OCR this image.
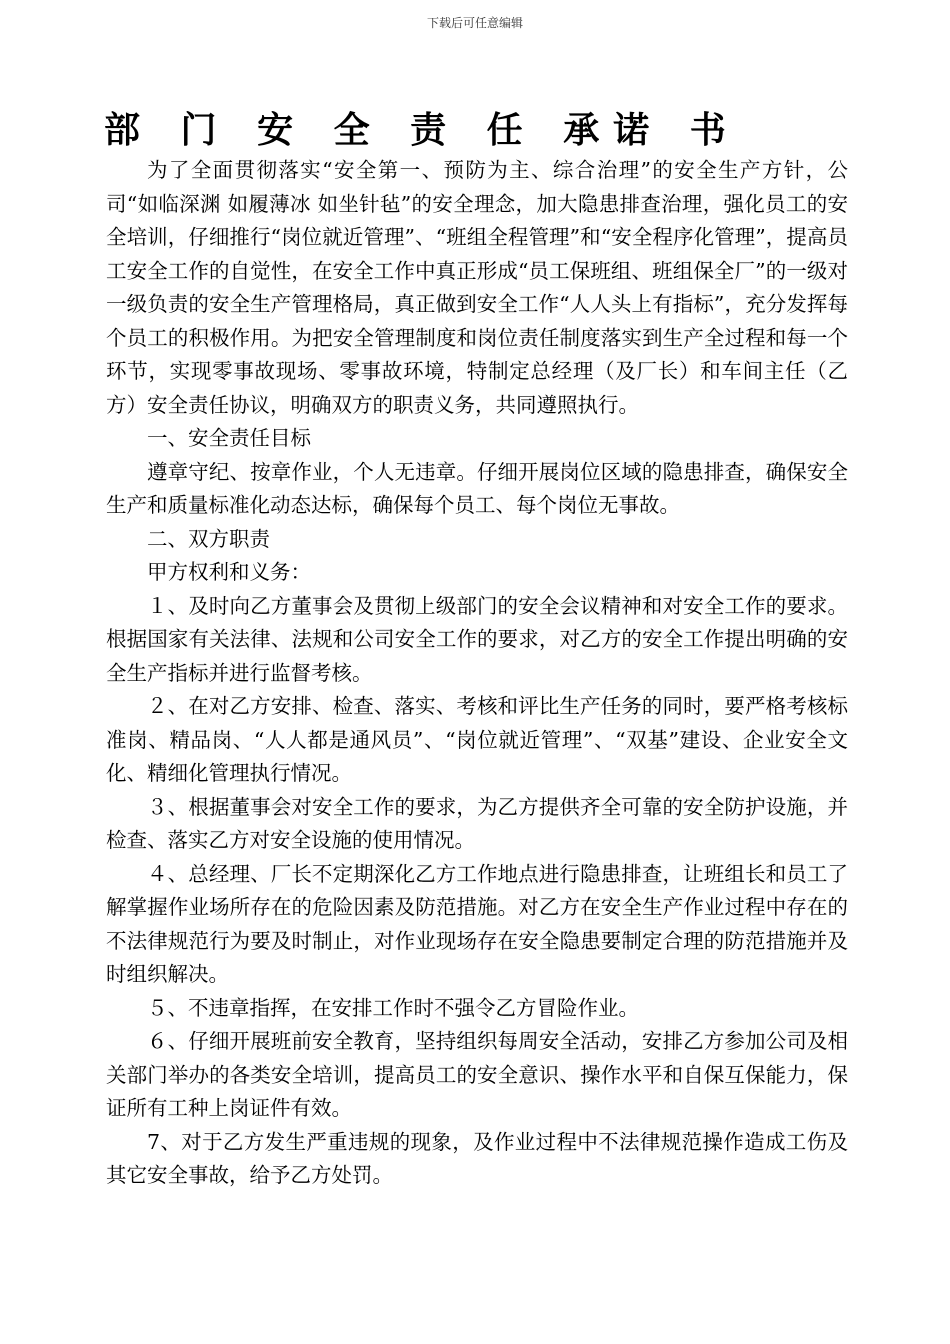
下载后可任意编辑
部 门 安 全 责 任 承诺 书

为了全面贯彻落实“安全第一、预防为主、综合治理”的安全生产方针，公司“如临深渊 如履薄冰 如坐针毡”的安全理念，加大隐患排查治理，强化员工的安全培训，仔细推行“岗位就近管理”、“班组全程管理”和“安全程序化管理”，提高员工安全工作的自觉性，在安全工作中真正形成“员工保班组、班组保全厂”的一级对一级负责的安全生产管理格局，真正做到安全工作“人人头上有指标”，充分发挥每个员工的积极作用。为把安全管理制度和岗位责任制度落实到生产全过程和每一个环节，实现零事故现场、零事故环境，特制定总经理（及厂长）和车间主任（乙方）安全责任协议，明确双方的职责义务，共同遵照执行。

一、安全责任目标

遵章守纪、按章作业，个人无违章。仔细开展岗位区域的隐患排查，确保安全生产和质量标准化动态达标，确保每个员工、每个岗位无事故。

二、双方职责

甲方权利和义务：

１、及时向乙方董事会及贯彻上级部门的安全会议精神和对安全工作的要求。根据国家有关法律、法规和公司安全工作的要求，对乙方的安全工作提出明确的安全生产指标并进行监督考核。

２、在对乙方安排、检查、落实、考核和评比生产任务的同时，要严格考核标准岗、精品岗、“人人都是通风员”、“岗位就近管理”、“双基”建设、企业安全文化、精细化管理执行情况。

３、根据董事会对安全工作的要求，为乙方提供齐全可靠的安全防护设施，并检查、落实乙方对安全设施的使用情况。

４、总经理、厂长不定期深化乙方工作地点进行隐患排查，让班组长和员工了解掌握作业场所存在的危险因素及防范措施。对乙方在安全生产作业过程中存在的不法律规范行为要及时制止，对作业现场存在安全隐患要制定合理的防范措施并及时组织解决。

５、不违章指挥，在安排工作时不强令乙方冒险作业。

６、仔细开展班前安全教育，坚持组织每周安全活动，安排乙方参加公司及相关部门举办的各类安全培训，提高员工的安全意识、操作水平和自保互保能力，保证所有工种上岗证件有效。

7、对于乙方发生严重违规的现象，及作业过程中不法律规范操作造成工伤及其它安全事故，给予乙方处罚。
